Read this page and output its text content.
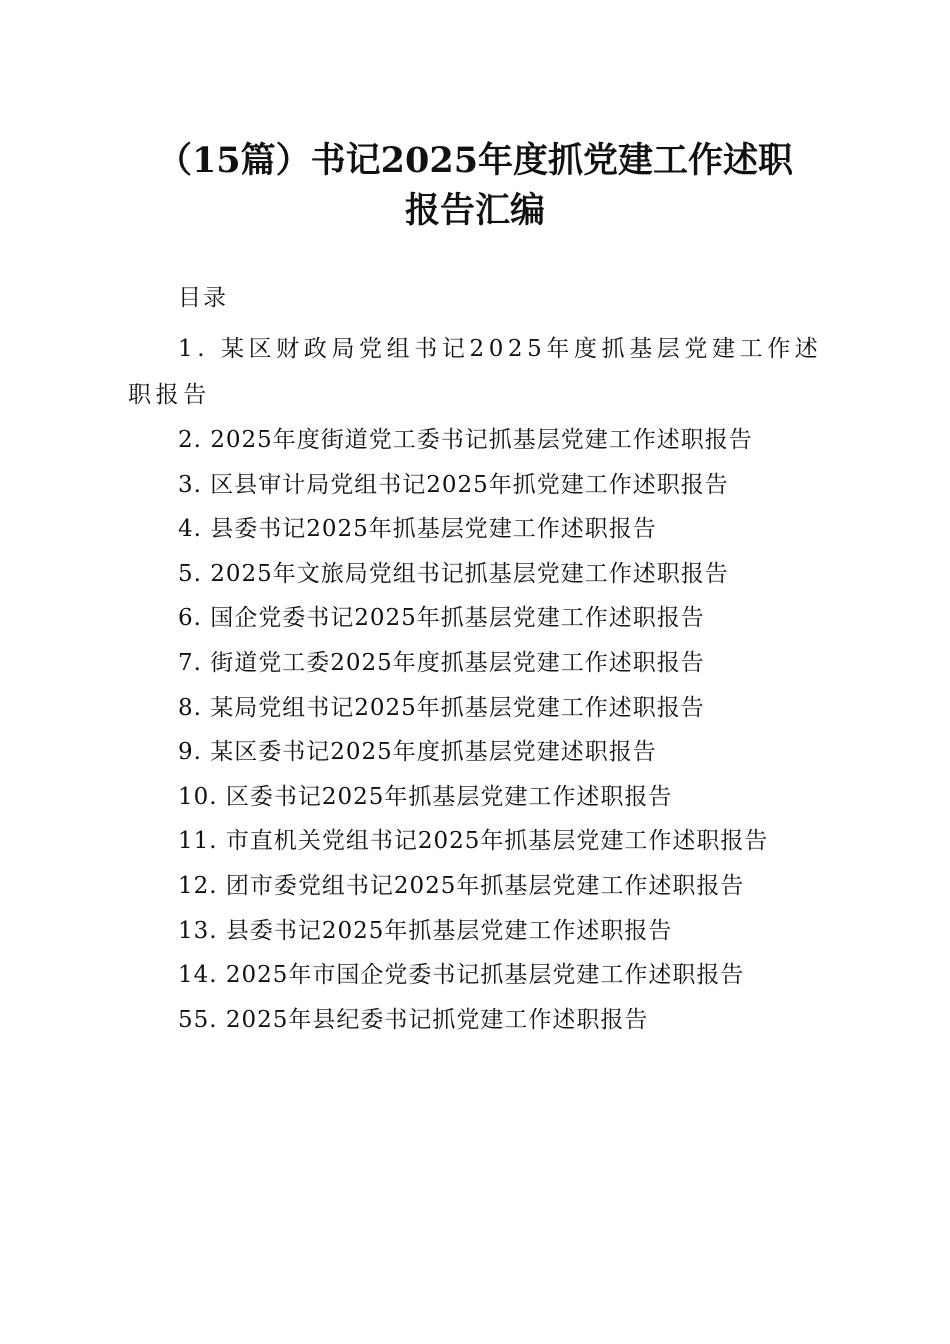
（15篇）书记2025年度抓党建工作述职
报告汇编

目录

1. 某区财政局党组书记2025年度抓基层党建工作述职报告
2. 2025年度街道党工委书记抓基层党建工作述职报告
3. 区县审计局党组书记2025年抓党建工作述职报告
4. 县委书记2025年抓基层党建工作述职报告
5. 2025年文旅局党组书记抓基层党建工作述职报告
6. 国企党委书记2025年抓基层党建工作述职报告
7. 街道党工委2025年度抓基层党建工作述职报告
8. 某局党组书记2025年抓基层党建工作述职报告
9. 某区委书记2025年度抓基层党建述职报告
10. 区委书记2025年抓基层党建工作述职报告
11. 市直机关党组书记2025年抓基层党建工作述职报告
12. 团市委党组书记2025年抓基层党建工作述职报告
13. 县委书记2025年抓基层党建工作述职报告
14. 2025年市国企党委书记抓基层党建工作述职报告
55. 2025年县纪委书记抓党建工作述职报告
